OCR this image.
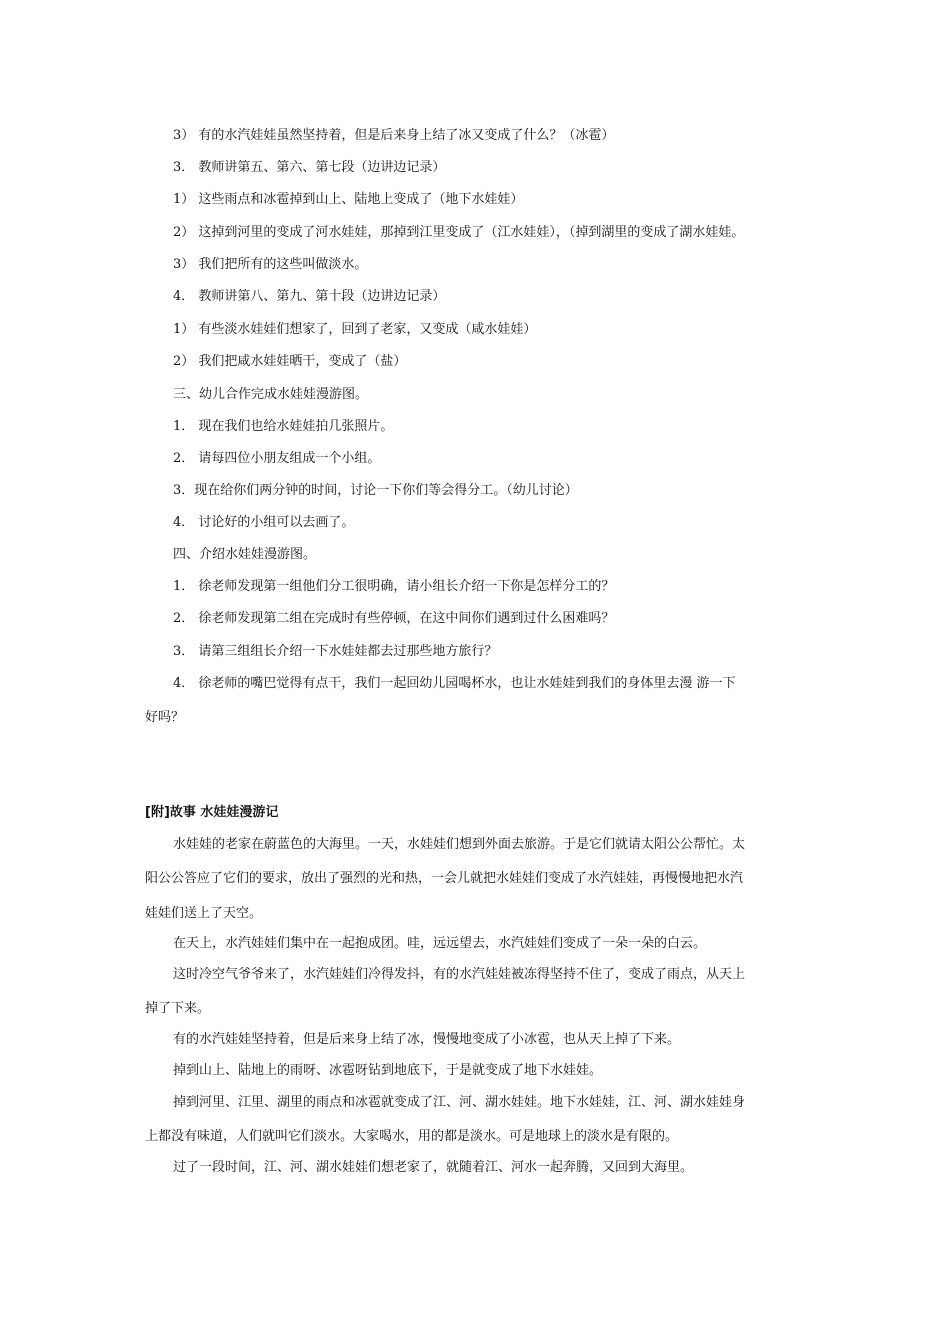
3） 有的水汽娃娃虽然坚持着，但是后来身上结了冰又变成了什么？（冰雹）
3． 教师讲第五、第六、第七段（边讲边记录）
1） 这些雨点和冰雹掉到山上、陆地上变成了（地下水娃娃）
2） 这掉到河里的变成了河水娃娃，那掉到江里变成了（江水娃娃），（掉到湖里的变成了湖水娃娃。
3） 我们把所有的这些叫做淡水。
4． 教师讲第八、第九、第十段（边讲边记录）
1） 有些淡水娃娃们想家了，回到了老家，又变成（咸水娃娃）
2） 我们把咸水娃娃晒干，变成了（盐）
三、幼儿合作完成水娃娃漫游图。
1． 现在我们也给水娃娃拍几张照片。
2． 请每四位小朋友组成一个小组。
3．现在给你们两分钟的时间，讨论一下你们等会得分工。（幼儿讨论）
4． 讨论好的小组可以去画了。
四、介绍水娃娃漫游图。
1． 徐老师发现第一组他们分工很明确，请小组长介绍一下你是怎样分工的？
2． 徐老师发现第二组在完成时有些停顿，在这中间你们遇到过什么困难吗？
3． 请第三组组长介绍一下水娃娃都去过那些地方旅行？
4． 徐老师的嘴巴觉得有点干，我们一起回幼儿园喝杯水，也让水娃娃到我们的身体里去漫 游一下
好吗？
[附]故事 水娃娃漫游记
水娃娃的老家在蔚蓝色的大海里。一天，水娃娃们想到外面去旅游。于是它们就请太阳公公帮忙。太
阳公公答应了它们的要求，放出了强烈的光和热，一会儿就把水娃娃们变成了水汽娃娃，再慢慢地把水汽
娃娃们送上了天空。
在天上，水汽娃娃们集中在一起抱成团。哇，远远望去，水汽娃娃们变成了一朵一朵的白云。
这时冷空气爷爷来了，水汽娃娃们冷得发抖，有的水汽娃娃被冻得坚持不住了，变成了雨点，从天上
掉了下来。
有的水汽娃娃坚持着，但是后来身上结了冰，慢慢地变成了小冰雹，也从天上掉了下来。
掉到山上、陆地上的雨呀、冰雹呀钻到地底下，于是就变成了地下水娃娃。
掉到河里、江里、湖里的雨点和冰雹就变成了江、河、湖水娃娃。地下水娃娃，江、河、湖水娃娃身
上都没有味道，人们就叫它们淡水。大家喝水，用的都是淡水。可是地球上的淡水是有限的。
过了一段时间，江、河、湖水娃娃们想老家了，就随着江、河水一起奔腾，又回到大海里。
